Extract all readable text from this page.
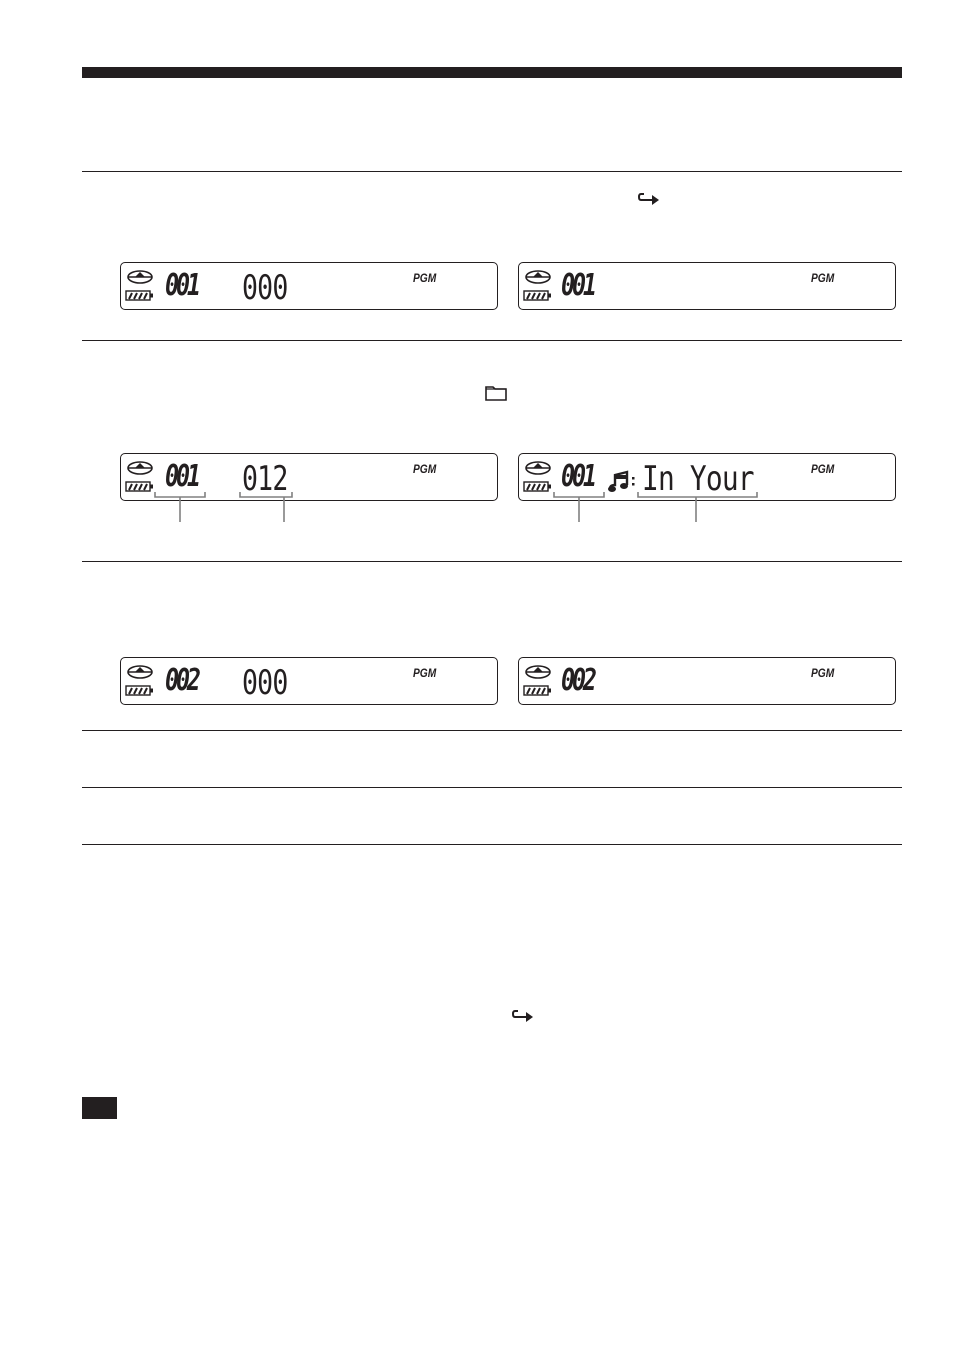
001 000	PGM	001	PGM
001 012	PGM	001 In Your	PGM
002 000	PGM	002	PGM
